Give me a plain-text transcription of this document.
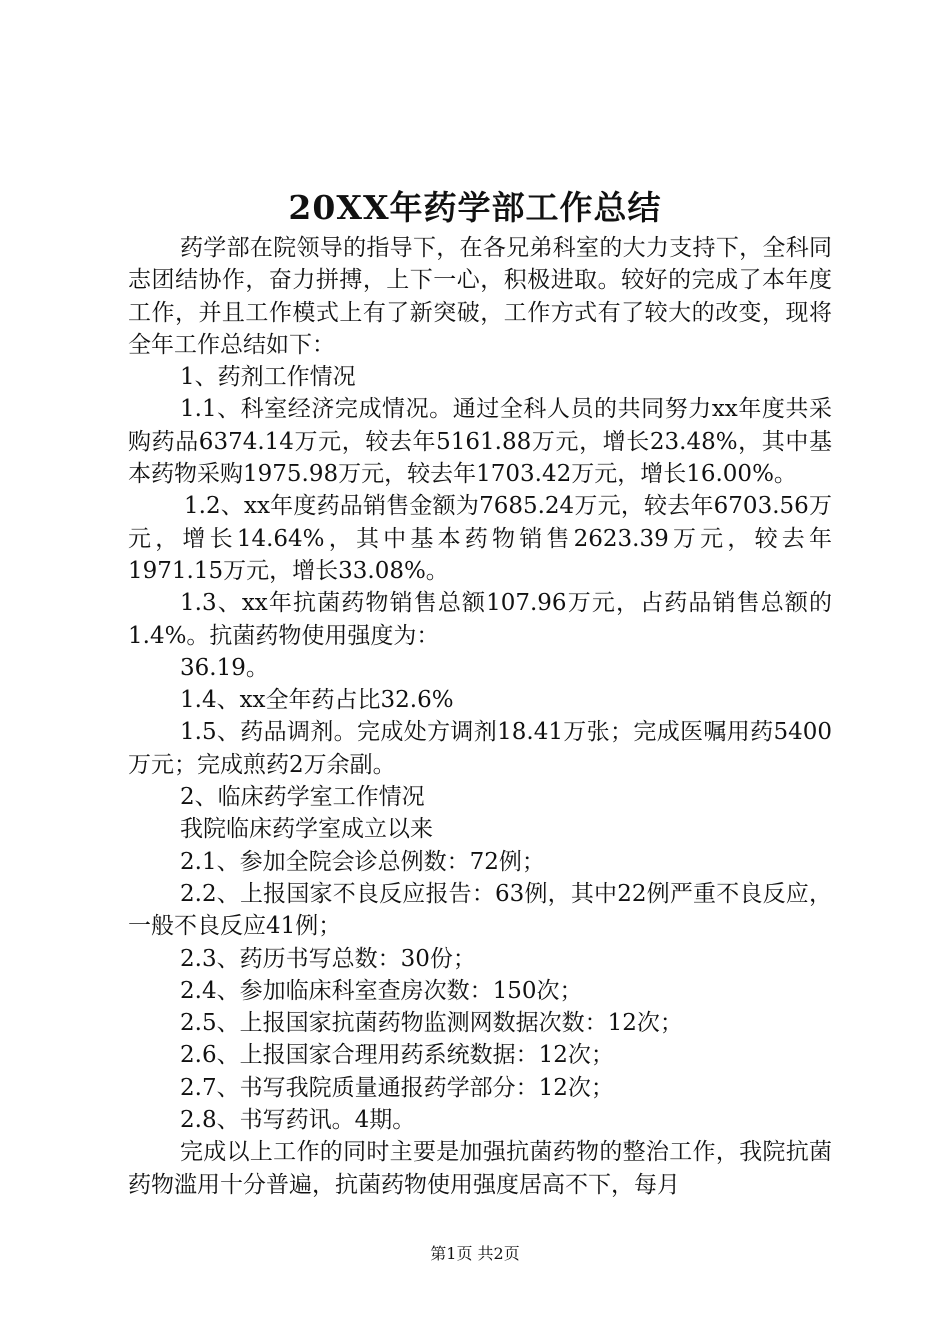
20XX年药学部工作总结

药学部在院领导的指导下，在各兄弟科室的大力支持下，全科同志团结协作，奋力拼搏，上下一心，积极进取。较好的完成了本年度工作，并且工作模式上有了新突破，工作方式有了较大的改变，现将全年工作总结如下：

1、药剂工作情况

1.1、科室经济完成情况。通过全科人员的共同努力xx年度共采购药品6374.14万元，较去年5161.88万元，增长23.48%，其中基本药物采购1975.98万元，较去年1703.42万元，增长16.00%。

1.2、xx年度药品销售金额为7685.24万元，较去年6703.56万元，增长14.64%，其中基本药物销售2623.39万元，较去年1971.15万元，增长33.08%。

1.3、xx年抗菌药物销售总额107.96万元，占药品销售总额的1.4%。抗菌药物使用强度为：

36.19。

1.4、xx全年药占比32.6%

1.5、药品调剂。完成处方调剂18.41万张；完成医嘱用药5400万元；完成煎药2万余副。

2、临床药学室工作情况

我院临床药学室成立以来

2.1、参加全院会诊总例数：72例；

2.2、上报国家不良反应报告：63例，其中22例严重不良反应，一般不良反应41例；

2.3、药历书写总数：30份；

2.4、参加临床科室查房次数：150次；

2.5、上报国家抗菌药物监测网数据次数：12次；

2.6、上报国家合理用药系统数据：12次；

2.7、书写我院质量通报药学部分：12次；

2.8、书写药讯。4期。

完成以上工作的同时主要是加强抗菌药物的整治工作，我院抗菌药物滥用十分普遍，抗菌药物使用强度居高不下，每月

第1页 共2页
